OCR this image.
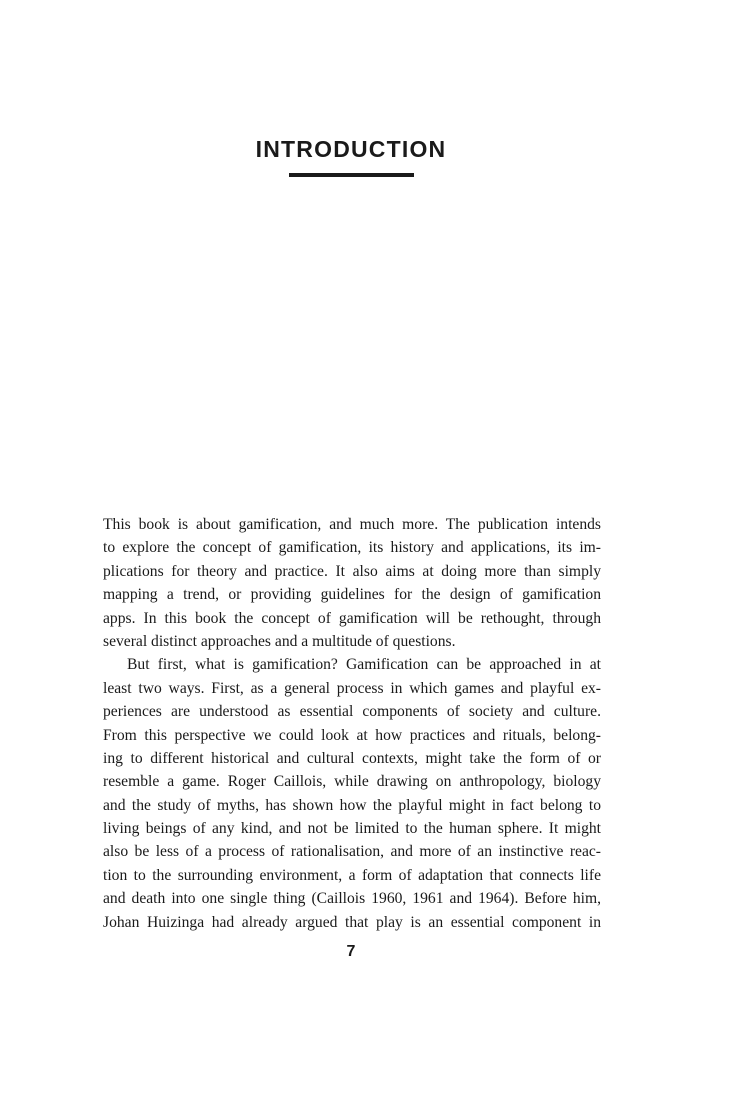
INTRODUCTION
This book is about gamification, and much more. The publication intends
to explore the concept of gamification, its history and applications, its im-
plications for theory and practice. It also aims at doing more than simply
mapping a trend, or providing guidelines for the design of gamification
apps. In this book the concept of gamification will be rethought, through
several distinct approaches and a multitude of questions.
But first, what is gamification? Gamification can be approached in at
least two ways. First, as a general process in which games and playful ex-
periences are understood as essential components of society and culture.
From this perspective we could look at how practices and rituals, belong-
ing to different historical and cultural contexts, might take the form of or
resemble a game. Roger Caillois, while drawing on anthropology, biology
and the study of myths, has shown how the playful might in fact belong to
living beings of any kind, and not be limited to the human sphere. It might
also be less of a process of rationalisation, and more of an instinctive reac-
tion to the surrounding environment, a form of adaptation that connects life
and death into one single thing (Caillois 1960, 1961 and 1964). Before him,
Johan Huizinga had already argued that play is an essential component in
7
